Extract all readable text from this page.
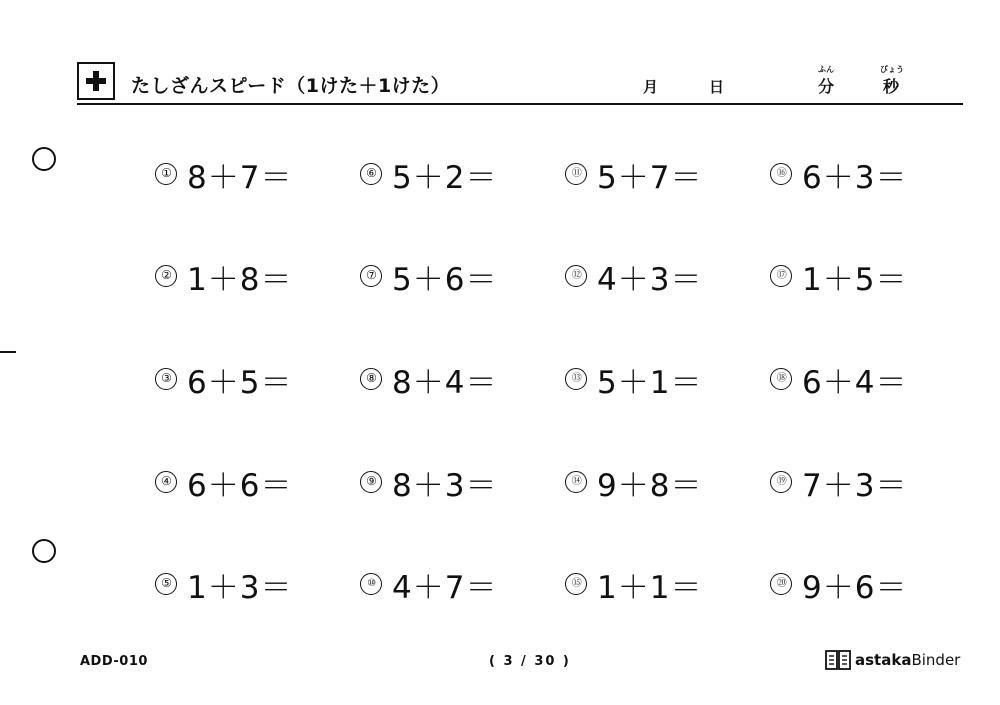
たしざんスピード（1けた＋1けた）	月	日
ふん
分
びょう
秒
① 8＋7＝
② 1＋8＝
③ 6＋5＝
④ 6＋6＝
⑤ 1＋3＝
⑥ 5＋2＝
⑦ 5＋6＝
⑧ 8＋4＝
⑨ 8＋3＝
⑩ 4＋7＝
⑪ 5＋7＝
⑫ 4＋3＝
⑬ 5＋1＝
⑭ 9＋8＝
⑮ 1＋1＝
⑯ 6＋3＝
⑰ 1＋5＝
⑱ 6＋4＝
⑲ 7＋3＝
⑳ 9＋6＝
ADD-010	( 3 / 30 )	astaka Binder
